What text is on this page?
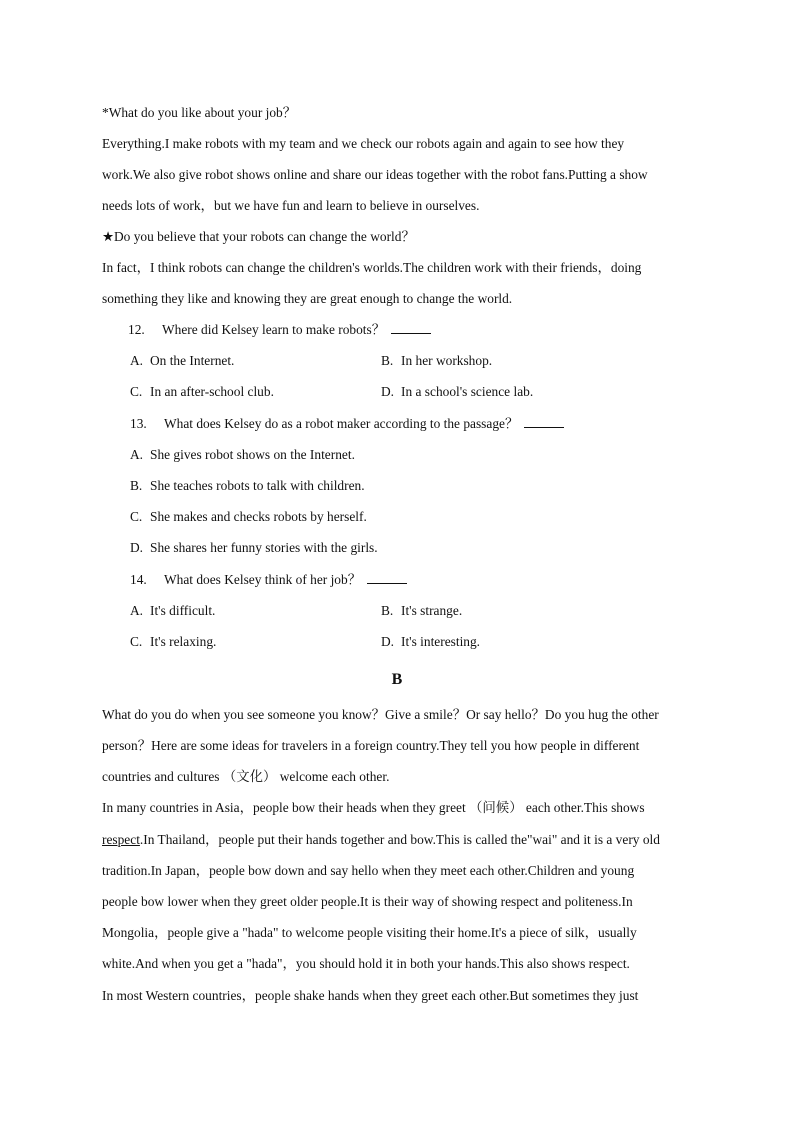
*What do you like about your job？
Everything.I make robots with my team and we check our robots again and again to see how they
work.We also give robot shows online and share our ideas together with the robot fans.Putting a show
needs lots of work，but we have fun and learn to believe in ourselves.
★Do you believe that your robots can change the world？
In fact，I think robots can change the children's worlds.The children work with their friends，doing
something they like and knowing they are great enough to change the world.
12. Where did Kelsey learn to make robots？
A. On the Internet.	B. In her workshop.
C. In an after-school club.	D. In a school's science lab.
13. What does Kelsey do as a robot maker according to the passage？
A. She gives robot shows on the Internet.
B. She teaches robots to talk with children.
C. She makes and checks robots by herself.
D. She shares her funny stories with the girls.
14. What does Kelsey think of her job？
A. It's difficult.	B. It's strange.
C. It's relaxing.	D. It's interesting.
B
What do you do when you see someone you know？Give a smile？Or say hello？Do you hug the other
person？Here are some ideas for travelers in a foreign country.They tell you how people in different
countries and cultures （文化） welcome each other.
In many countries in Asia，people bow their heads when they greet （问候） each other.This shows
respect.In Thailand，people put their hands together and bow.This is called the"wai" and it is a very old
tradition.In Japan，people bow down and say hello when they meet each other.Children and young
people bow lower when they greet older people.It is their way of showing respect and politeness.In
Mongolia，people give a "hada" to welcome people visiting their home.It's a piece of silk，usually
white.And when you get a "hada"，you should hold it in both your hands.This also shows respect.
In most Western countries，people shake hands when they greet each other.But sometimes they just
